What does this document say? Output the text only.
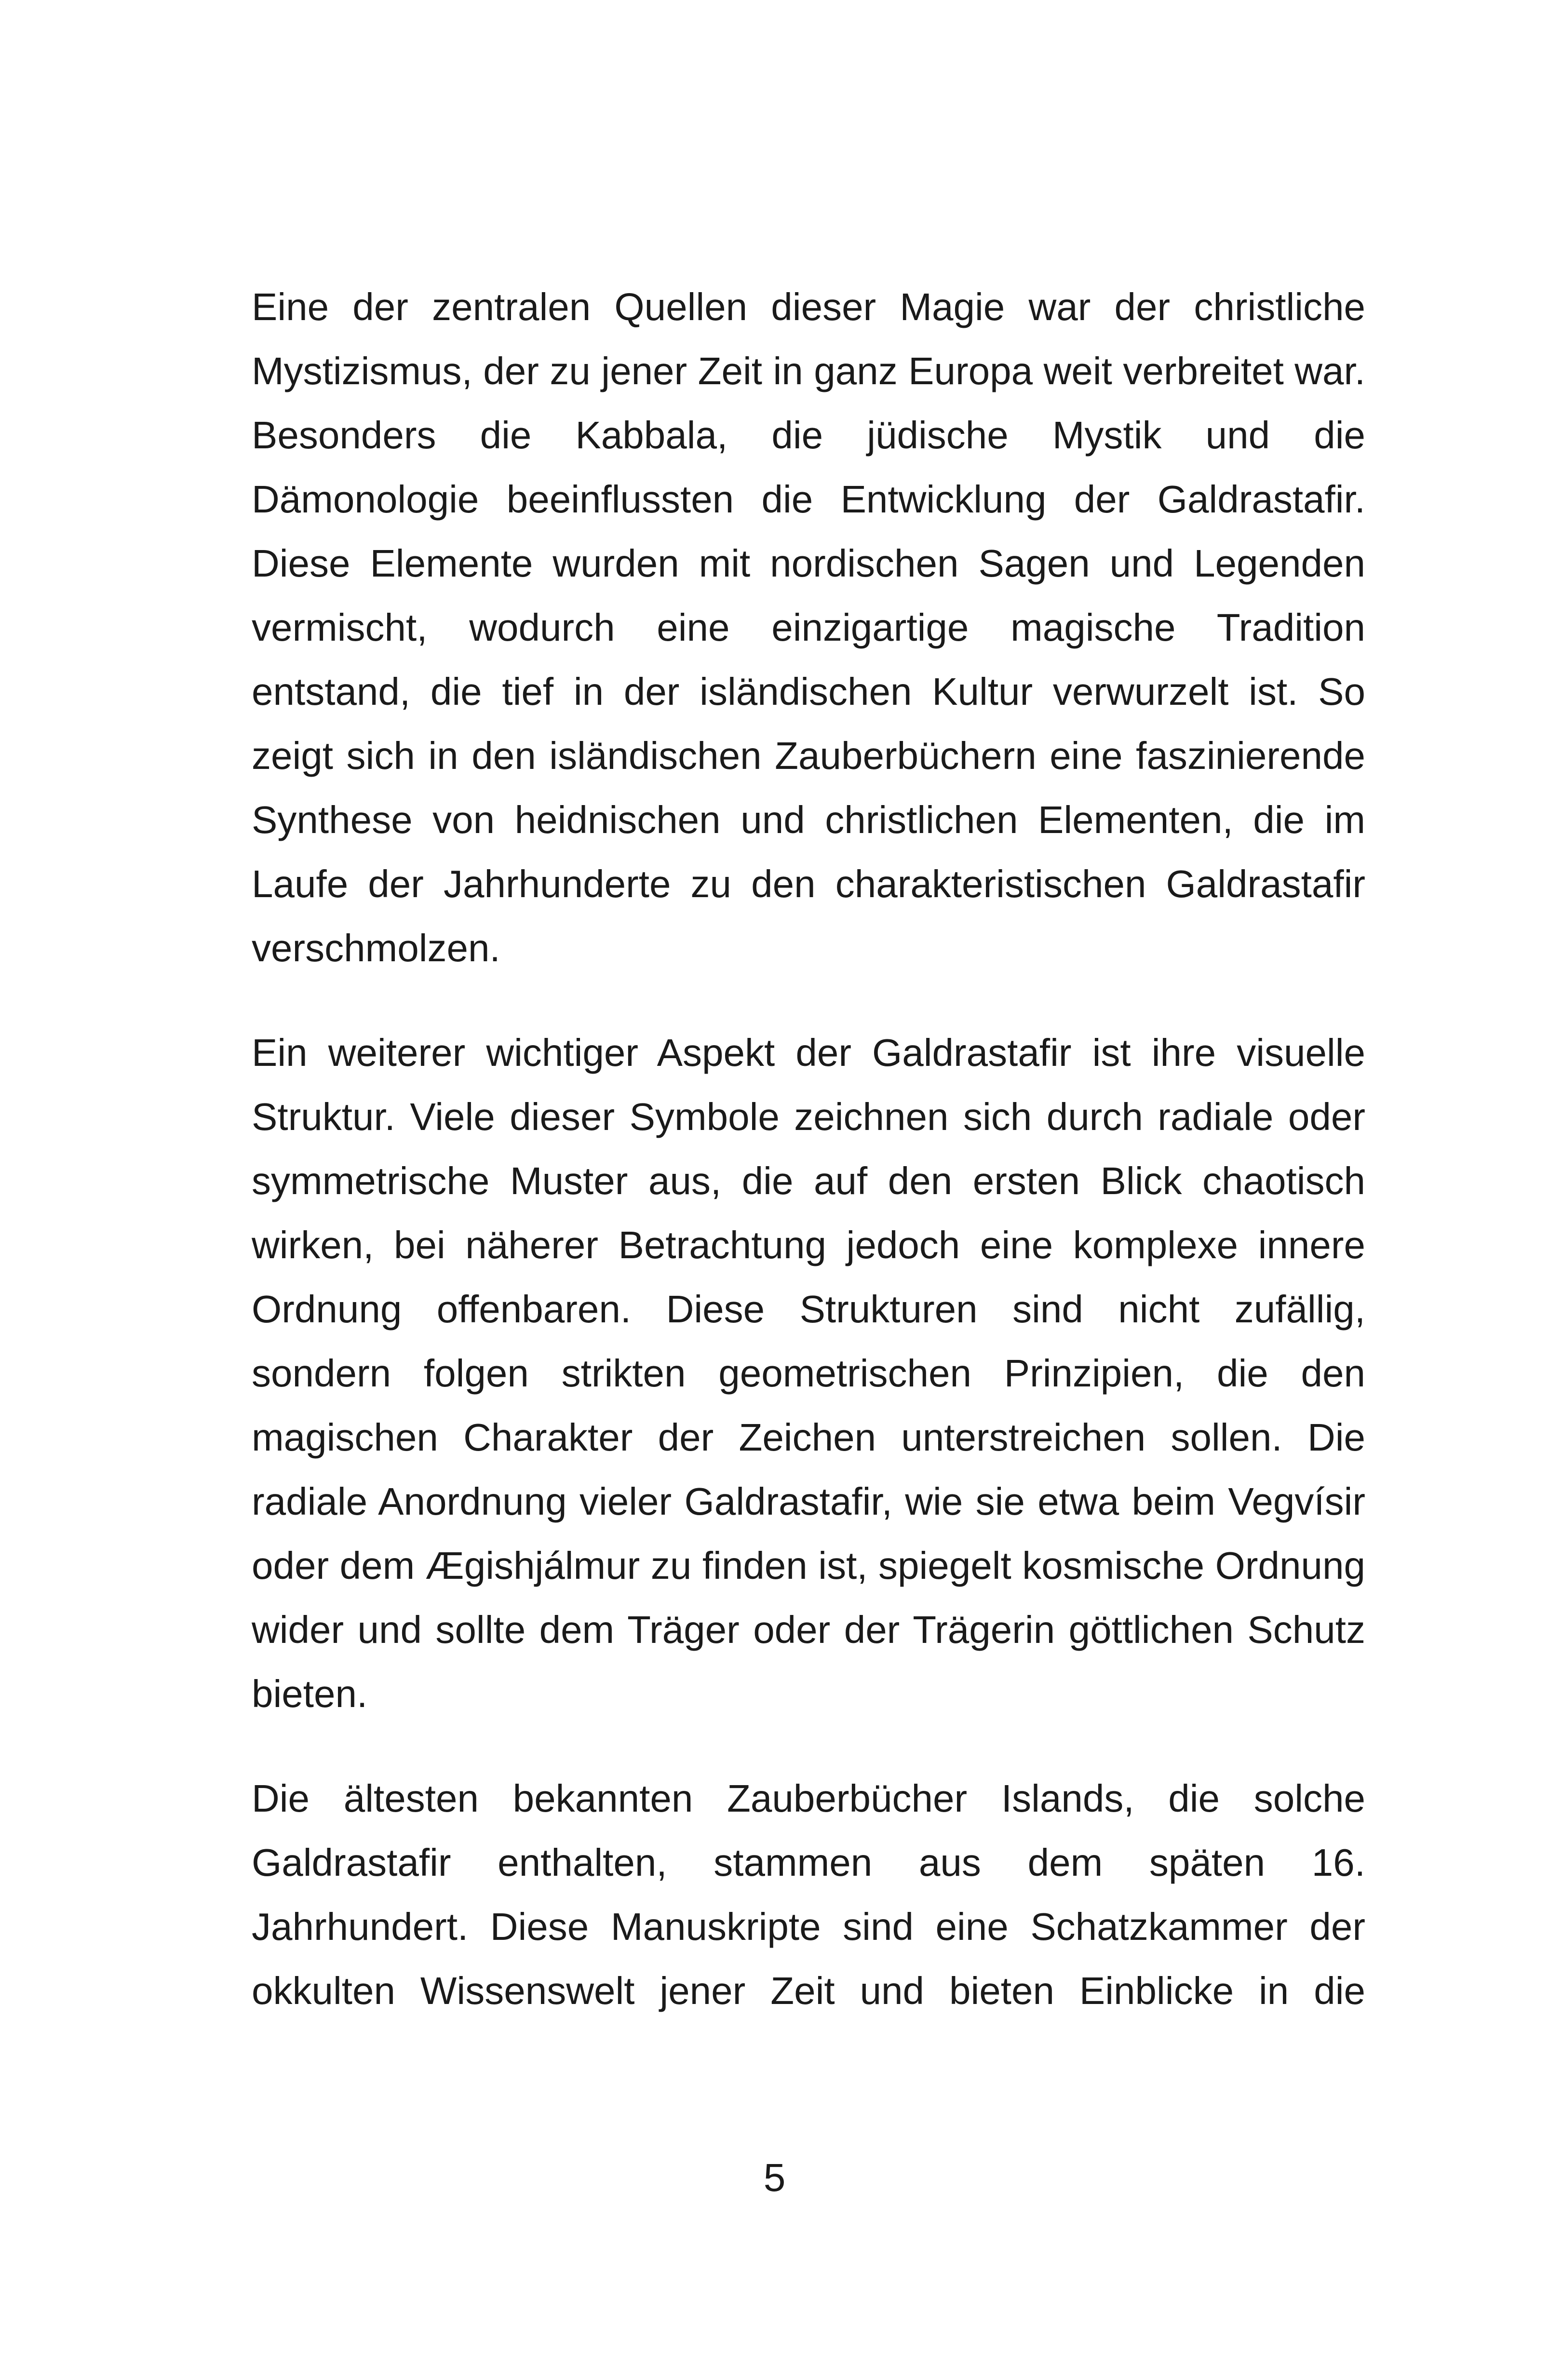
Eine der zentralen Quellen dieser Magie war der christliche Mystizismus, der zu jener Zeit in ganz Europa weit verbreitet war. Besonders die Kabbala, die jüdische Mystik und die Dämonologie beeinflussten die Entwicklung der Galdrastafir. Diese Elemente wurden mit nordischen Sagen und Legenden vermischt, wodurch eine einzigartige magische Tradition entstand, die tief in der isländischen Kultur verwurzelt ist. So zeigt sich in den isländischen Zauberbüchern eine faszinierende Synthese von heidnischen und christlichen Elementen, die im Laufe der Jahrhunderte zu den charakteristischen Galdrastafir verschmolzen.

Ein weiterer wichtiger Aspekt der Galdrastafir ist ihre visuelle Struktur. Viele dieser Symbole zeichnen sich durch radiale oder symmetrische Muster aus, die auf den ersten Blick chaotisch wirken, bei näherer Betrachtung jedoch eine komplexe innere Ordnung offenbaren. Diese Strukturen sind nicht zufällig, sondern folgen strikten geometrischen Prinzipien, die den magischen Charakter der Zeichen unterstreichen sollen. Die radiale Anordnung vieler Galdrastafir, wie sie etwa beim Vegvísir oder dem Ægishjálmur zu finden ist, spiegelt kosmische Ordnung wider und sollte dem Träger oder der Trägerin göttlichen Schutz bieten.

Die ältesten bekannten Zauberbücher Islands, die solche Galdrastafir enthalten, stammen aus dem späten 16. Jahrhundert. Diese Manuskripte sind eine Schatzkammer der okkulten Wissenswelt jener Zeit und bieten Einblicke in die

5
